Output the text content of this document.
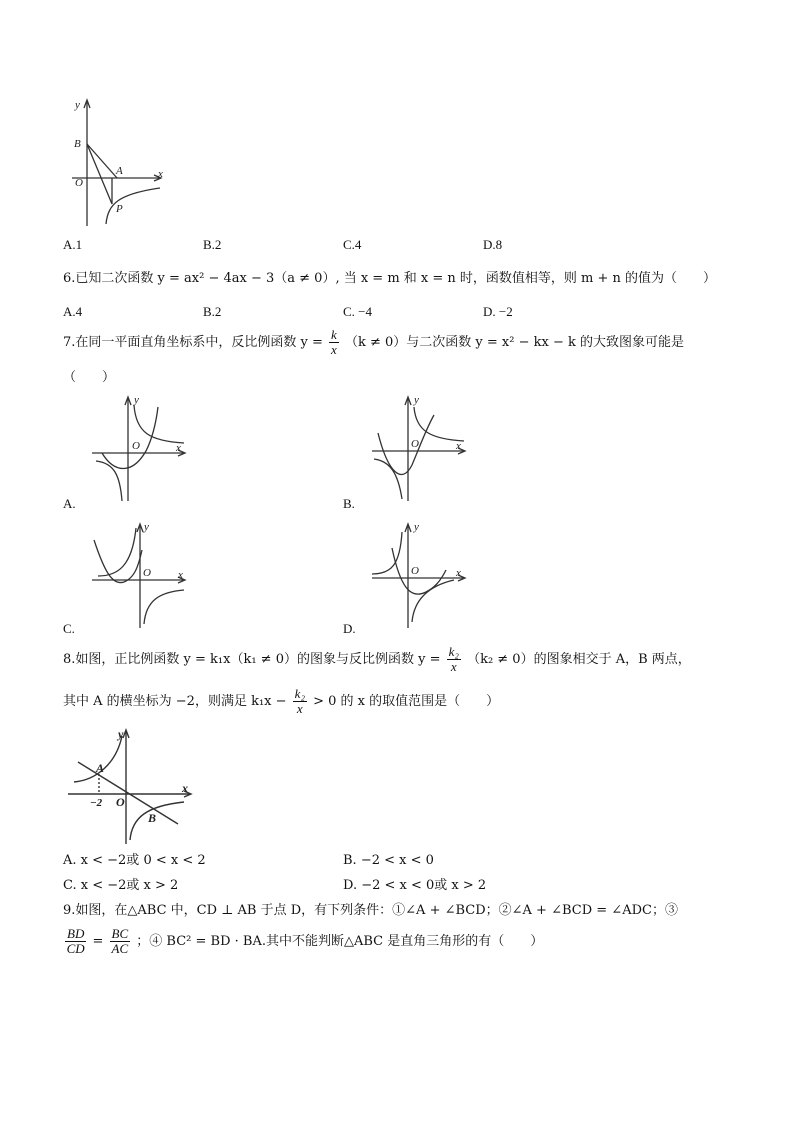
y
x
B
A
O
P
A.1	B.2	C.4	D.8
6.已知二次函数 y = ax² − 4ax − 3（a ≠ 0）, 当 x = m 和 x = n 时，函数值相等，则 m + n 的值为（　　）
A.4	B.2	C. −4	D. −2
7.在同一平面直角坐标系中，反比例函数 $y = \frac{k}{x} (k \ne 0)$与二次函数 y = x² − kx − k 的大致图象可能是
（　　）
y
O	x
A.
y
O	x
B.
y
O x
C.
y
O	x
D.
8.如图，正比例函数 y = k₁x（k₁ ≠ 0）的图象与反比例函数 $y = \frac{\text{k₂}}{x} (k_2 \ne 0)$的图象相交于 A，B 两点，
其中 A 的横坐标为 −2，则满足 $k_1x - \frac{\text{k₂}}{x} > 0$ 的 x 的取值范围是（　　）
y
x
A
O
B
−2
A. x < −2或 0 < x < 2	B. −2 < x < 0
C. x < −2或 x > 2	D. −2 < x < 0或 x > 2
9.如图，在△ABC 中，CD ⊥ AB 于点 D，有下列条件：①∠A + ∠BCD；②∠A + ∠BCD = ∠ADC；③
$\frac{BD}{CD} = \frac{BC}{AC}$ ；④ BC² = BD · BA.其中不能判断△ABC 是直角三角形的有（　　）
